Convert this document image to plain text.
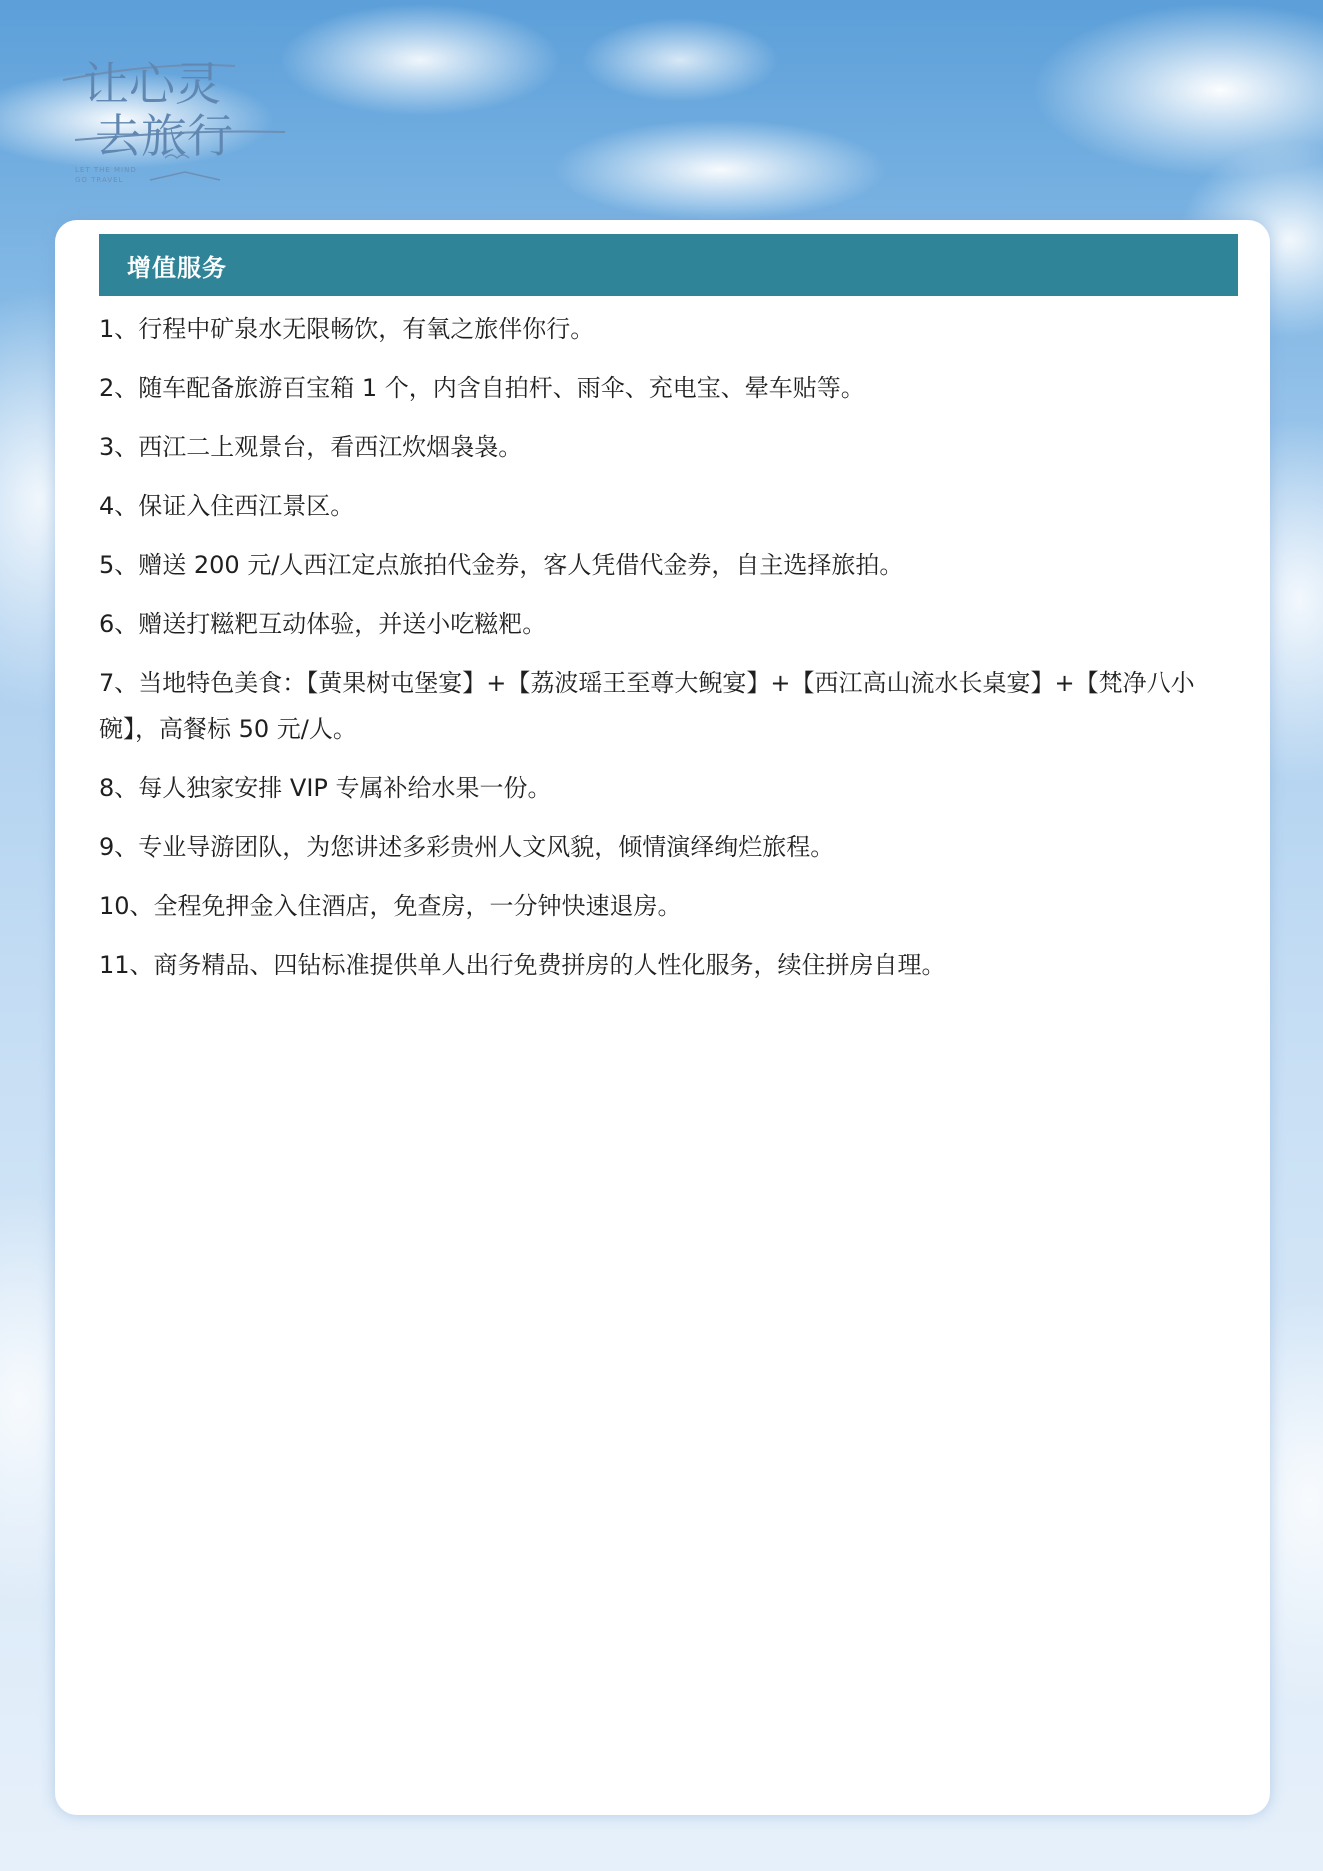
让心灵
去旅行
LET THE MIND
GO TRAVEL
增值服务
1、行程中矿泉水无限畅饮，有氧之旅伴你行。
2、随车配备旅游百宝箱 1 个，内含自拍杆、雨伞、充电宝、晕车贴等。
3、西江二上观景台，看西江炊烟袅袅。
4、保证入住西江景区。
5、赠送 200 元/人西江定点旅拍代金券，客人凭借代金券，自主选择旅拍。
6、赠送打糍粑互动体验，并送小吃糍粑。
7、当地特色美食：【黄果树屯堡宴】+【荔波瑶王至尊大鲵宴】+【西江高山流水长桌宴】+【梵净八小碗】，高餐标 50 元/人。
8、每人独家安排 VIP 专属补给水果一份。
9、专业导游团队，为您讲述多彩贵州人文风貌，倾情演绎绚烂旅程。
10、全程免押金入住酒店，免查房，一分钟快速退房。
11、商务精品、四钻标准提供单人出行免费拼房的人性化服务，续住拼房自理。
